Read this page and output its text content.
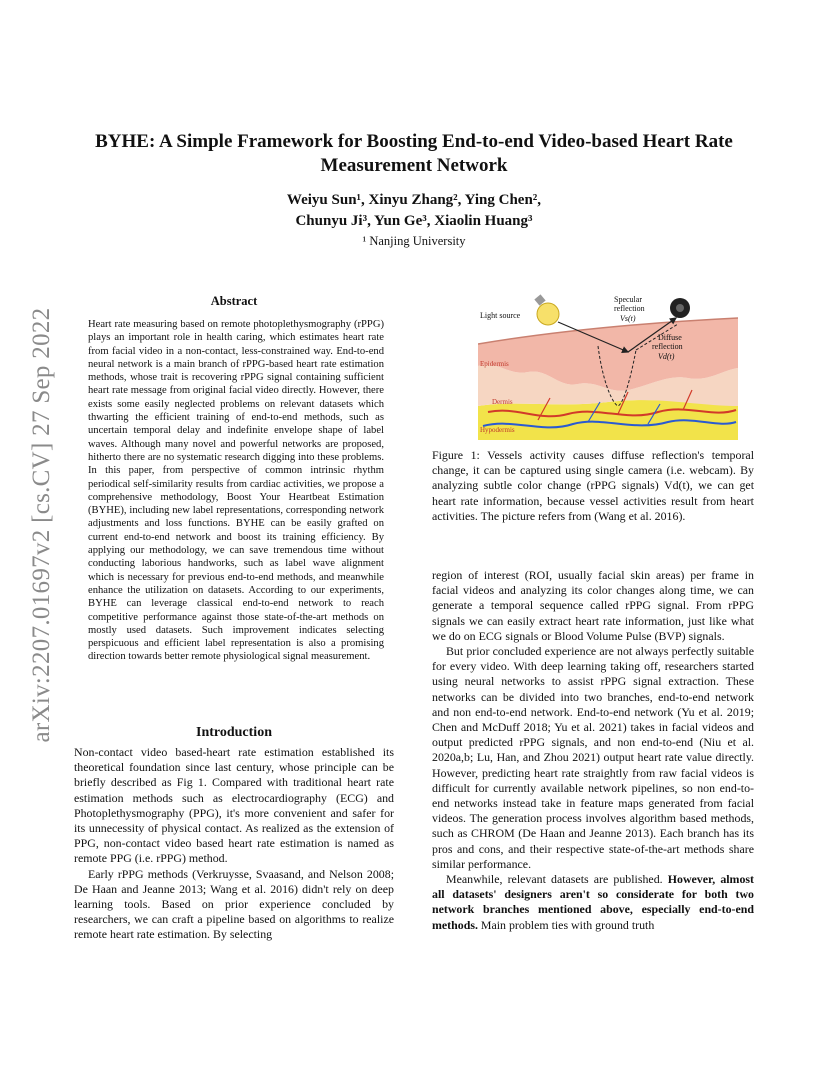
arXiv:2207.01697v2 [cs.CV] 27 Sep 2022
BYHE: A Simple Framework for Boosting End-to-end Video-based Heart Rate Measurement Network
Weiyu Sun¹, Xinyu Zhang², Ying Chen²,
Chunyu Ji³, Yun Ge³, Xiaolin Huang³
¹ Nanjing University
Abstract
Heart rate measuring based on remote photoplethysmography (rPPG) plays an important role in health caring, which estimates heart rate from facial video in a non-contact, less-constrained way. End-to-end neural network is a main branch of rPPG-based heart rate estimation methods, whose trait is recovering rPPG signal containing sufficient heart rate message from original facial video directly. However, there exists some easily neglected problems on relevant datasets which thwarting the efficient training of end-to-end methods, such as uncertain temporal delay and indefinite envelope shape of label waves. Although many novel and powerful networks are proposed, hitherto there are no systematic research digging into these problems. In this paper, from perspective of common intrinsic rhythm periodical self-similarity results from cardiac activities, we propose a comprehensive methodology, Boost Your Heartbeat Estimation (BYHE), including new label representations, corresponding network adjustments and loss functions. BYHE can be easily grafted on current end-to-end network and boost its training efficiency. By applying our methodology, we can save tremendous time without conducting laborious handworks, such as label wave alignment which is necessary for previous end-to-end methods, and meanwhile enhance the utilization on datasets. According to our experiments, BYHE can leverage classical end-to-end network to reach competitive performance against those state-of-the-art methods on mostly used datasets. Such improvement indicates selecting perspicuous and efficient label representation is also a promising direction towards better remote physiological signal measurement.
Introduction

Non-contact video based-heart rate estimation established its theoretical foundation since last century, whose principle can be briefly described as Fig 1. Compared with traditional heart rate estimation methods such as electrocardiography (ECG) and Photoplethysmography (PPG), it's more convenient and safer for its unnecessity of physical contact. As realized as the extension of PPG, non-contact video based heart rate estimation is named as remote PPG (i.e. rPPG) method.

Early rPPG methods (Verkruysse, Svaasand, and Nelson 2008; De Haan and Jeanne 2013; Wang et al. 2016) didn't rely on deep learning tools. Based on prior experience concluded by researchers, we can craft a pipeline based on algorithms to realize remote heart rate estimation. By selecting

Light source
Specular
reflection
Vs(t)
Diffuse
reflection
Vd(t)
Epidermis
Dermis
Hypodermis
Figure 1: Vessels activity causes diffuse reflection's temporal change, it can be captured using single camera (i.e. webcam). By analyzing subtle color change (rPPG signals) Vd(t), we can get heart rate information, because vessel activities result from heart activities. The picture refers from (Wang et al. 2016).

region of interest (ROI, usually facial skin areas) per frame in facial videos and analyzing its color changes along time, we can generate a temporal sequence called rPPG signal. From rPPG signals we can easily extract heart rate information, just like what we do on ECG signals or Blood Volume Pulse (BVP) signals.

But prior concluded experience are not always perfectly suitable for every video. With deep learning taking off, researchers started using neural networks to assist rPPG signal extraction. These networks can be divided into two branches, end-to-end network and non end-to-end network. End-to-end network (Yu et al. 2019; Chen and McDuff 2018; Yu et al. 2021) takes in facial videos and output predicted rPPG signals, and non end-to-end (Niu et al. 2020a,b; Lu, Han, and Zhou 2021) output heart rate value directly. However, predicting heart rate straightly from raw facial videos is difficult for currently available network pipelines, so non end-to-end networks instead take in feature maps generated from facial videos. The generation process involves algorithm based methods, such as CHROM (De Haan and Jeanne 2013). Each branch has its pros and cons, and their respective state-of-the-art methods share similar performance.

Meanwhile, relevant datasets are published. However, almost all datasets' designers aren't so considerate for both two network branches mentioned above, especially end-to-end methods. Main problem ties with ground truth
